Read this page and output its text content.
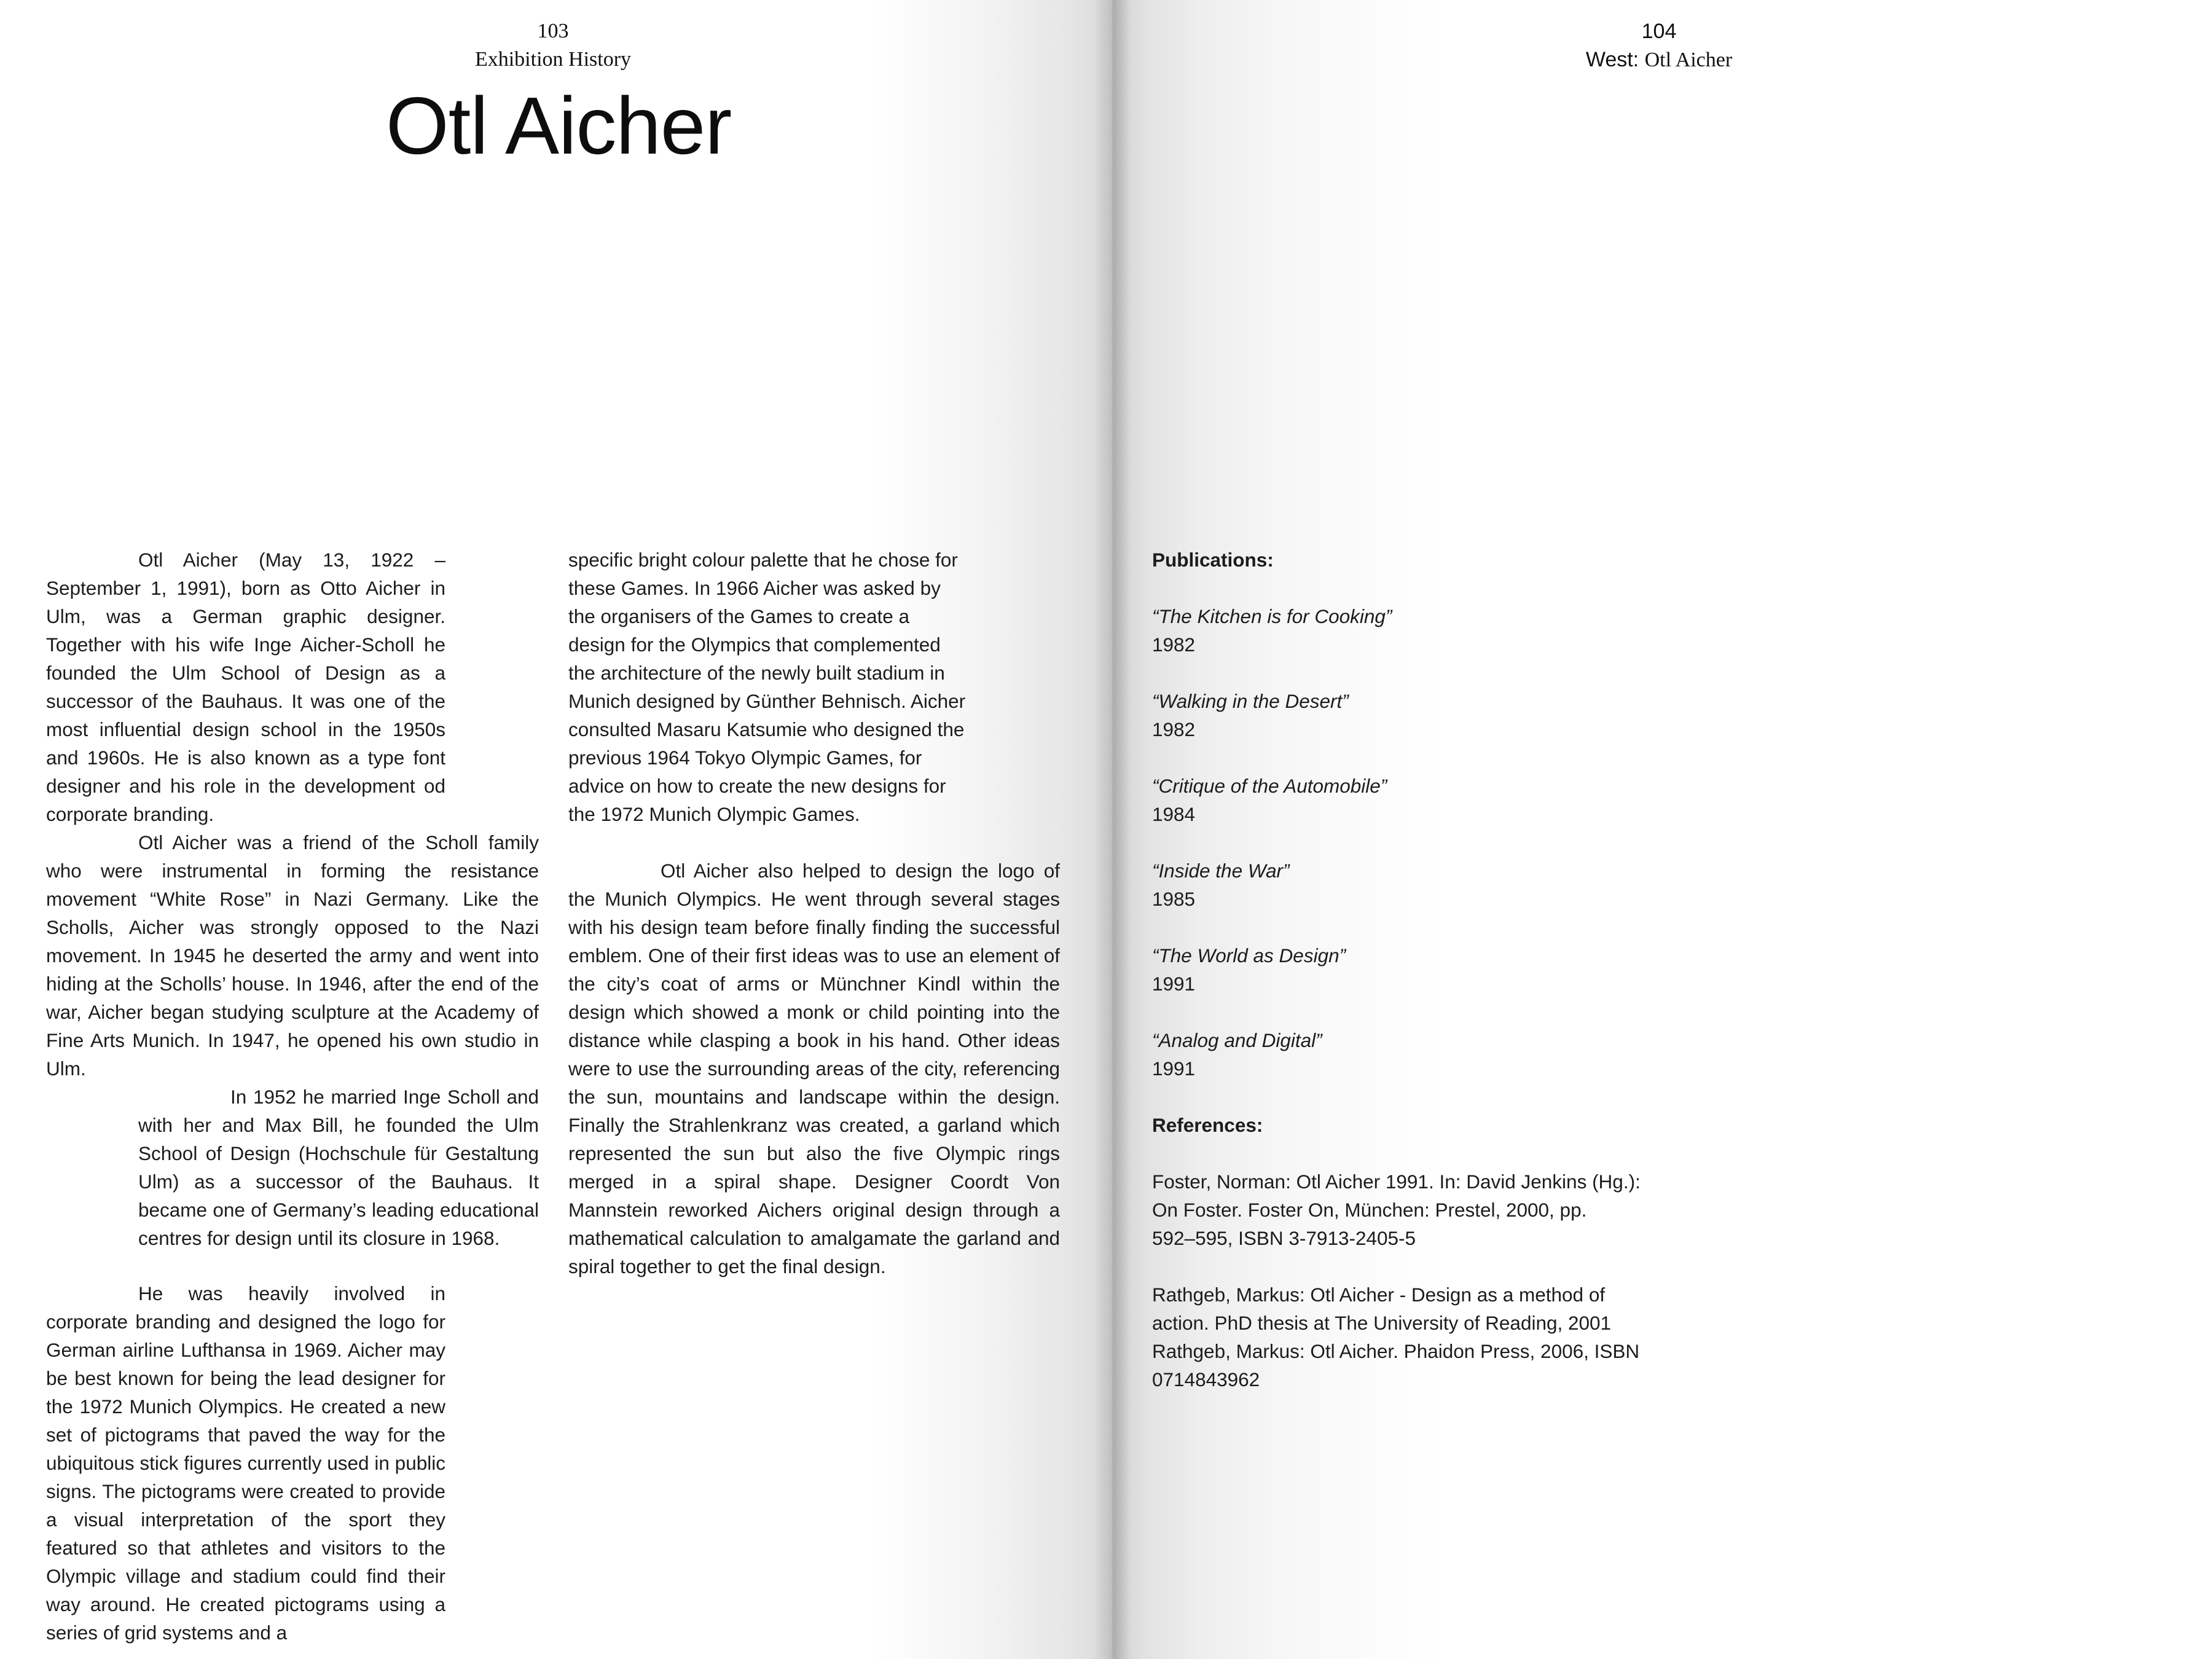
103
Exhibition History
Otl Aicher

Otl Aicher (May 13, 1922 – September 1, 1991), born as Otto Aicher in Ulm, was a German graphic designer. Together with his wife Inge Aicher-Scholl he founded the Ulm School of Design as a successor of the Bauhaus. It was one of the most influential design school in the 1950s and 1960s. He is also known as a type font designer and his role in the development od corporate branding.

Otl Aicher was a friend of the Scholl family who were instrumental in forming the resistance movement “White Rose” in Nazi Germany. Like the Scholls, Aicher was strongly opposed to the Nazi movement. In 1945 he deserted the army and went into hiding at the Scholls’ house. In 1946, after the end of the war, Aicher began studying sculpture at the Academy of Fine Arts Munich. In 1947, he opened his own studio in Ulm.

In 1952 he married Inge Scholl and with her and Max Bill, he founded the Ulm School of Design (Hochschule für Gestaltung Ulm) as a successor of the Bauhaus. It became one of Germany’s leading educational centres for design until its closure in 1968.

He was heavily involved in corporate branding and designed the logo for German airline Lufthansa in 1969. Aicher may be best known for being the lead designer for the 1972 Munich Olympics. He created a new set of pictograms that paved the way for the ubiquitous stick figures currently used in public signs. The pictograms were created to provide a visual interpretation of the sport they featured so that athletes and visitors to the Olympic village and stadium could find their way around. He created pictograms using a series of grid systems and a

specific bright colour palette that he chose for these Games. In 1966 Aicher was asked by the organisers of the Games to create a design for the Olympics that complemented the architecture of the newly built stadium in Munich designed by Günther Behnisch. Aicher consulted Masaru Katsumie who designed the previous 1964 Tokyo Olympic Games, for advice on how to create the new designs for the 1972 Munich Olympic Games.

Otl Aicher also helped to design the logo of the Munich Olympics. He went through several stages with his design team before finally finding the successful emblem. One of their first ideas was to use an element of the city’s coat of arms or Münchner Kindl within the design which showed a monk or child pointing into the distance while clasping a book in his hand. Other ideas were to use the surrounding areas of the city, referencing the sun, mountains and landscape within the design. Finally the Strahlenkranz was created, a garland which represented the sun but also the five Olympic rings merged in a spiral shape. Designer Coordt Von Mannstein reworked Aichers original design through a mathematical calculation to amalgamate the garland and spiral together to get the final design.

104
West: Otl Aicher

Publications:

“The Kitchen is for Cooking”
1982
“Walking in the Desert”
1982
“Critique of the Automobile”
1984
“Inside the War”
1985
“The World as Design”
1991
“Analog and Digital”
1991

References:

Foster, Norman: Otl Aicher 1991. In: David Jenkins (Hg.):
On Foster. Foster On, München: Prestel, 2000, pp.
592–595, ISBN 3-7913-2405-5

Rathgeb, Markus: Otl Aicher - Design as a method of
action. PhD thesis at The University of Reading, 2001
Rathgeb, Markus: Otl Aicher. Phaidon Press, 2006, ISBN
0714843962
